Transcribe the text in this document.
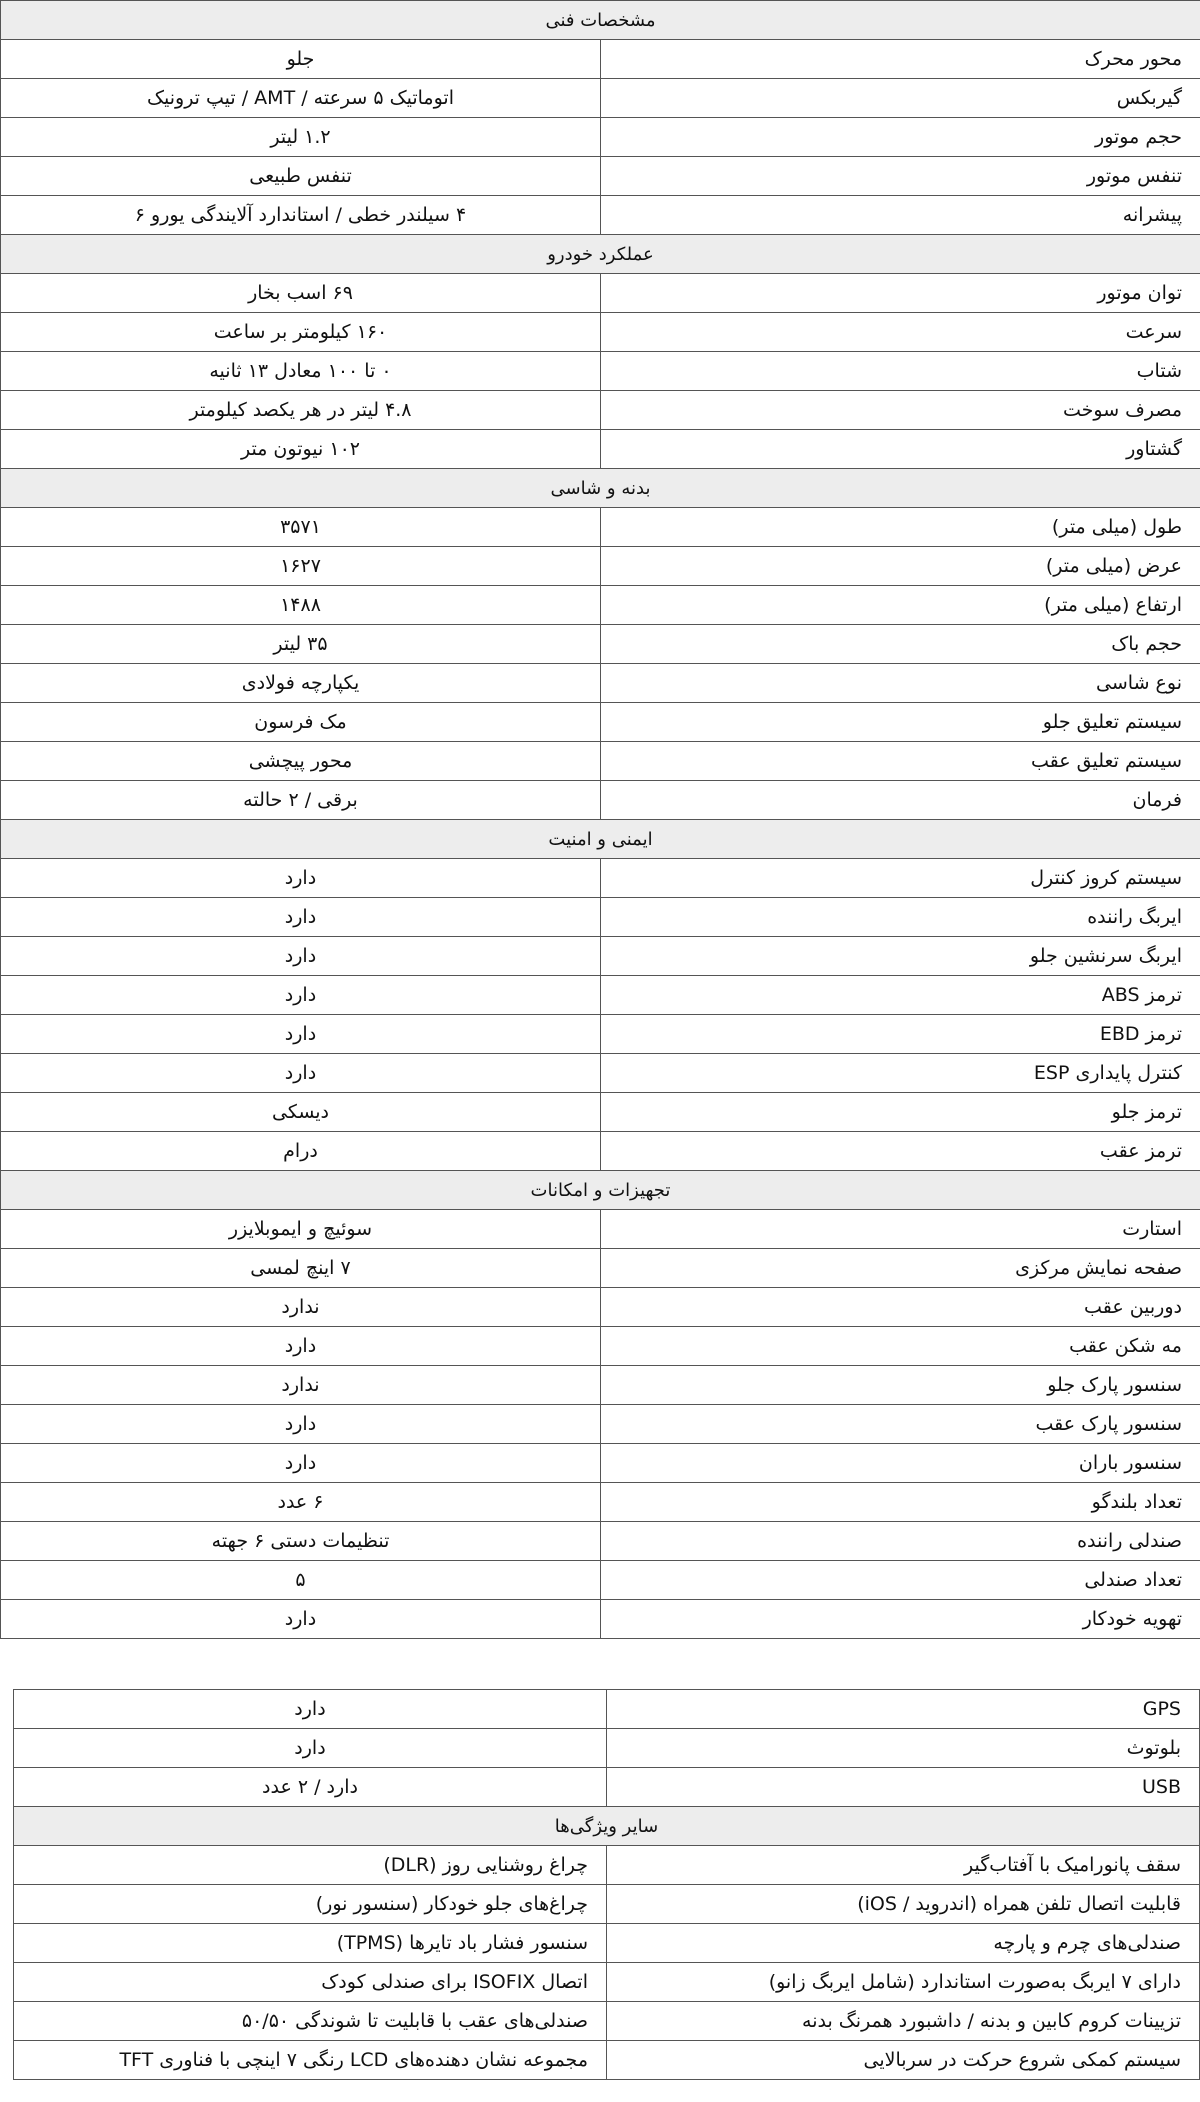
مشخصات فنی	
محور محرک	جلو
گیربکس	اتوماتیک ۵ سرعته / AMT / تیپ ترونیک
حجم موتور	۱.۲ لیتر
تنفس موتور	تنفس طبیعی
پیشرانه	۴ سیلندر خطی / استاندارد آلایندگی یورو ۶
عملکرد خودرو	
توان موتور	۶۹ اسب بخار
سرعت	۱۶۰ کیلومتر بر ساعت
شتاب	۰ تا ۱۰۰ معادل ۱۳ ثانیه
مصرف سوخت	۴.۸ لیتر در هر یکصد کیلومتر
گشتاور	۱۰۲ نیوتون متر
بدنه و شاسی	
طول (میلی متر)	۳۵۷۱
عرض (میلی متر)	۱۶۲۷
ارتفاع (میلی متر)	۱۴۸۸
حجم باک	۳۵ لیتر
نوع شاسی	یکپارچه فولادی
سیستم تعلیق جلو	مک فرسون
سیستم تعلیق عقب	محور پیچشی
فرمان	برقی / ۲ حالته
ایمنی و امنیت	
سیستم کروز کنترل	دارد
ایربگ راننده	دارد
ایربگ سرنشین جلو	دارد
ترمز ABS	دارد
ترمز EBD	دارد
کنترل پایداری ESP	دارد
ترمز جلو	دیسکی
ترمز عقب	درام
تجهیزات و امکانات	
استارت	سوئیچ و ایموبلایزر
صفحه نمایش مرکزی	۷ اینچ لمسی
دوربین عقب	ندارد
مه شکن عقب	دارد
سنسور پارک جلو	ندارد
سنسور پارک عقب	دارد
سنسور باران	دارد
تعداد بلندگو	۶ عدد
صندلی راننده	تنظیمات دستی ۶ جهته
تعداد صندلی	۵
تهویه خودکار	دارد
GPS	دارد
بلوتوث	دارد
USB	دارد / ۲ عدد
سایر ویژگی‌ها	
سقف پانورامیک با آفتاب‌گیر	چراغ روشنایی روز (DLR)
قابلیت اتصال تلفن همراه (اندروید / iOS)	چراغ‌های جلو خودکار (سنسور نور)
صندلی‌های چرم و پارچه	سنسور فشار باد تایرها (TPMS)
دارای ۷ ایربگ به‌صورت استاندارد (شامل ایربگ زانو)	اتصال ISOFIX برای صندلی کودک
تزیینات کروم کابین و بدنه / داشبورد همرنگ بدنه	صندلی‌های عقب با قابلیت تا شوندگی ۵۰/۵۰
سیستم کمکی شروع حرکت در سربالایی	مجموعه نشان دهنده‌های LCD رنگی ۷ اینچی با فناوری TFT
